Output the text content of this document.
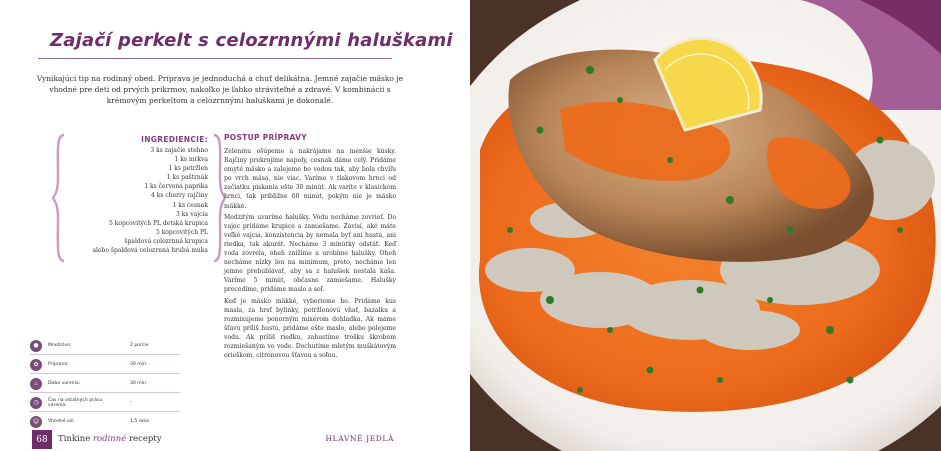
Zajačí perkelt s celozrnnými haluškami

Vynikajúci tip na rodinný obed. Príprava je jednoduchá a chuť delikátna. Jemné zajačie mäsko je vhodné pre deti od prvých prikrmov, nakoľko je ľahko stráviteľné a zdravé. V kombinácii s krémovým perkeltom a celozrnnými haluškami je dokonalé.

INGREDIENCIE:
3 ks zajačie stehno
1 ks mrkva
1 ks petržlen
1 ks paštrnák
1 ks červená paprika
4 ks cherry rajčiny
1 ks cesnak
3 ks vajcia
5 kopcovitých PL detská krupica
5 kopcovitých PL
špaldová celozrnná krupica
alebo špaldová celozrnná hrubá múka
POSTUP PRÍPRAVY

Zeleninu ošúpeme a nakrájame na menšie kúsky. Rajčiny prekrojíme napoly, cesnak dáme celý. Pridáme omyté mäsko a zalejeme ho vodou tak, aby bola chvíľu po vrch mäsa, nie viac. Varíme v tlakovom hrnci od začiatku piskania ešte 30 minút. Ak varíte v klasickom hrnci, tak približne 60 minút, pokým nie je mäsko mäkké.

Medzitým uvaríme halušky. Vodu necháme zovrieť. Do vajec pridáme krupice a zamiešame. Závisí, aké máte veľké vajcia, konzistencia by nemala byť ani hustá, ani riedka, tak akurát. Necháme 3 minútky odstáť. Keď voda zovrela, oheň znížime a urobíme halušky. Oheň necháme nízky len na minimum, preto, necháme len jemne prebublávať, aby sa z halušiek nestala kaša. Varíme 5 minút, občasne zamiešame. Halušky precedíme, pridáme maslo a soľ.

Keď je mäsko mäkké, vyberieme ho. Pridáme kus masla, za hrsť bylinky, petržlenovú vňať, bazalku a rozmixujeme ponorným mixérom dohladka. Ak máme šťavu príliš hustú, pridáme ešte maslo, alebo polejeme vodu. Ak príliš riedku, zahustíme trošku škrobom rozmiešaným vo vode. Dochutíme mletým muškátovým orieškom, citrónovou šťavou a soľou.

●	Množstvo:	2 porcie
✿	Príprava:	30 min
♨	Doba varenia:	30 min
◷	Čas na ostatných prácu varenia:	-
☺	Vhodné od:	1,5 roka
68	Tinkine rodinné recepty	HLAVNÉ JEDLÁ
